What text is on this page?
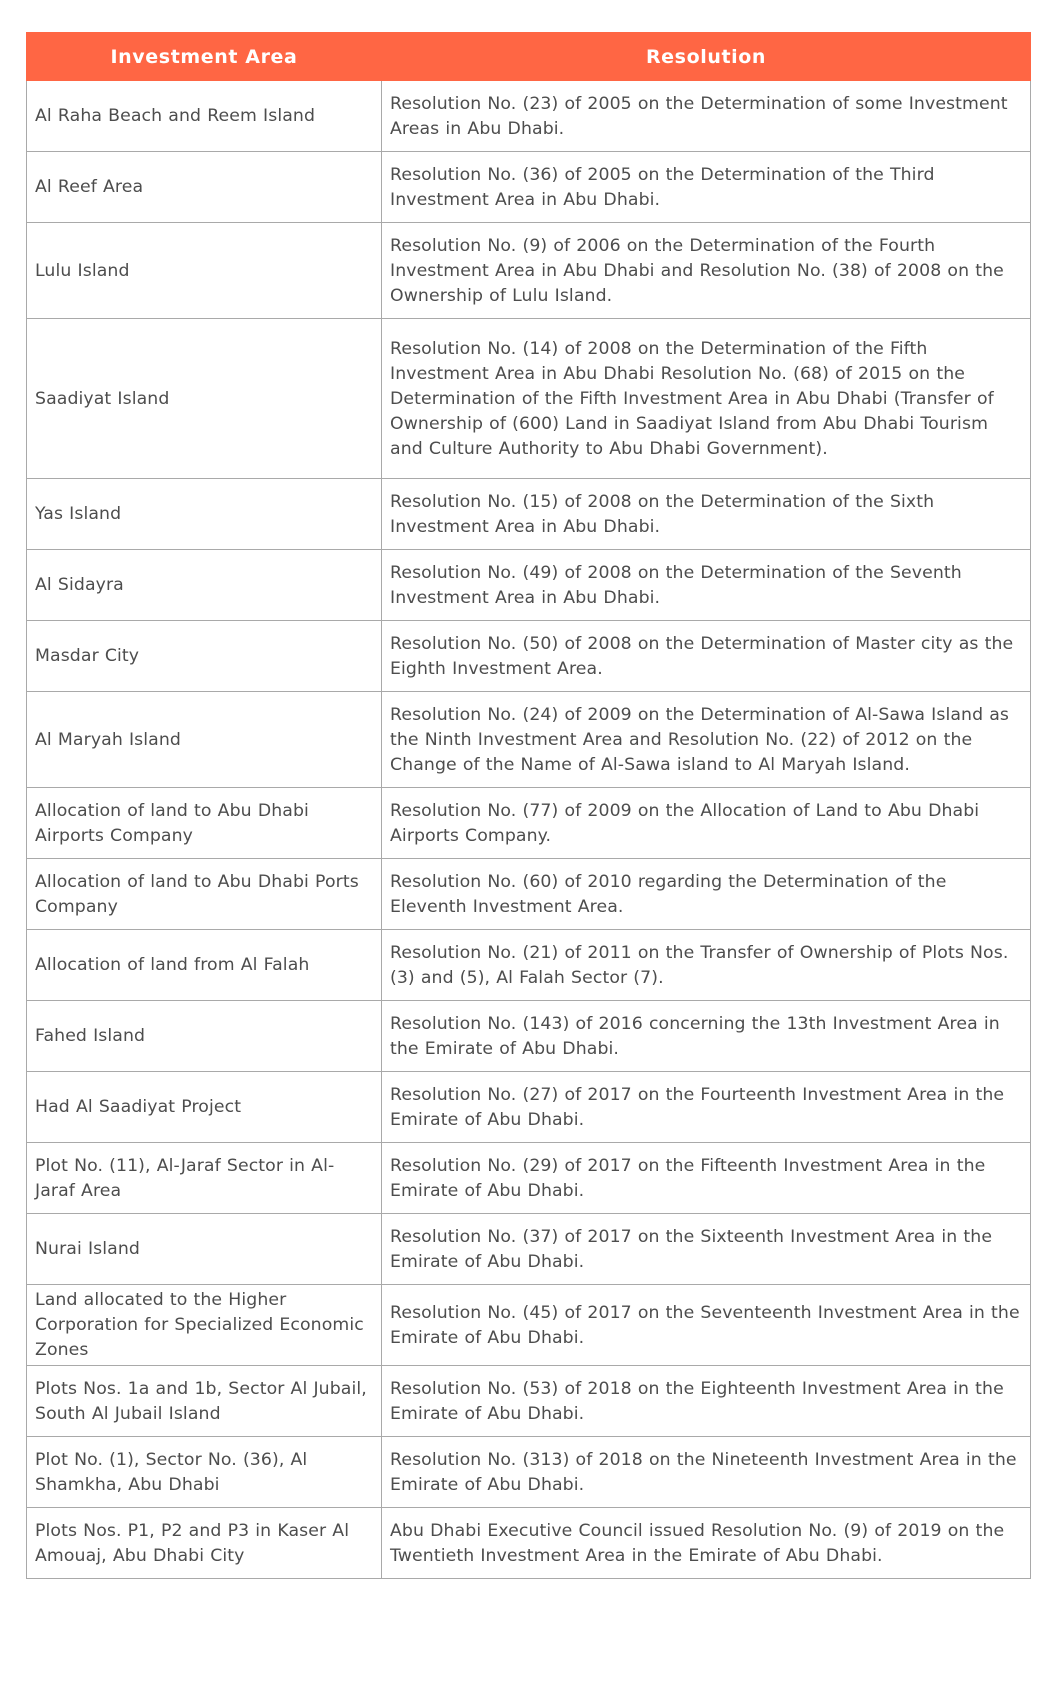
Investment Area	Resolution
Al Raha Beach and Reem Island	Resolution No. (23) of 2005 on the Determination of some Investment Areas in Abu Dhabi.
Al Reef Area	Resolution No. (36) of 2005 on the Determination of the Third Investment Area in Abu Dhabi.
Lulu Island	Resolution No. (9) of 2006 on the Determination of the Fourth Investment Area in Abu Dhabi and Resolution No. (38) of 2008 on the Ownership of Lulu Island.
Saadiyat Island	Resolution No. (14) of 2008 on the Determination of the Fifth Investment Area in Abu Dhabi Resolution No. (68) of 2015 on the Determination of the Fifth Investment Area in Abu Dhabi (Transfer of Ownership of (600) Land in Saadiyat Island from Abu Dhabi Tourism and Culture Authority to Abu Dhabi Government).
Yas Island	Resolution No. (15) of 2008 on the Determination of the Sixth Investment Area in Abu Dhabi.
Al Sidayra	Resolution No. (49) of 2008 on the Determination of the Seventh Investment Area in Abu Dhabi.
Masdar City	Resolution No. (50) of 2008 on the Determination of Master city as the Eighth Investment Area.
Al Maryah Island	Resolution No. (24) of 2009 on the Determination of Al-Sawa Island as the Ninth Investment Area and Resolution No. (22) of 2012 on the Change of the Name of Al-Sawa island to Al Maryah Island.
Allocation of land to Abu Dhabi Airports Company	Resolution No. (77) of 2009 on the Allocation of Land to Abu Dhabi Airports Company.
Allocation of land to Abu Dhabi Ports Company	Resolution No. (60) of 2010 regarding the Determination of the Eleventh Investment Area.
Allocation of land from Al Falah	Resolution No. (21) of 2011 on the Transfer of Ownership of Plots Nos. (3) and (5), Al Falah Sector (7).
Fahed Island	Resolution No. (143) of 2016 concerning the 13th Investment Area in the Emirate of Abu Dhabi.
Had Al Saadiyat Project	Resolution No. (27) of 2017 on the Fourteenth Investment Area in the Emirate of Abu Dhabi.
Plot No. (11), Al-Jaraf Sector in Al-Jaraf Area	Resolution No. (29) of 2017 on the Fifteenth Investment Area in the Emirate of Abu Dhabi.
Nurai Island	Resolution No. (37) of 2017 on the Sixteenth Investment Area in the Emirate of Abu Dhabi.
Land allocated to the Higher Corporation for Specialized Economic Zones	Resolution No. (45) of 2017 on the Seventeenth Investment Area in the Emirate of Abu Dhabi.
Plots Nos. 1a and 1b, Sector Al Jubail, South Al Jubail Island	Resolution No. (53) of 2018 on the Eighteenth Investment Area in the Emirate of Abu Dhabi.
Plot No. (1), Sector No. (36), Al Shamkha, Abu Dhabi	Resolution No. (313) of 2018 on the Nineteenth Investment Area in the Emirate of Abu Dhabi.
Plots Nos. P1, P2 and P3 in Kaser Al Amouaj, Abu Dhabi City	Abu Dhabi Executive Council issued Resolution No. (9) of 2019 on the Twentieth Investment Area in the Emirate of Abu Dhabi.
